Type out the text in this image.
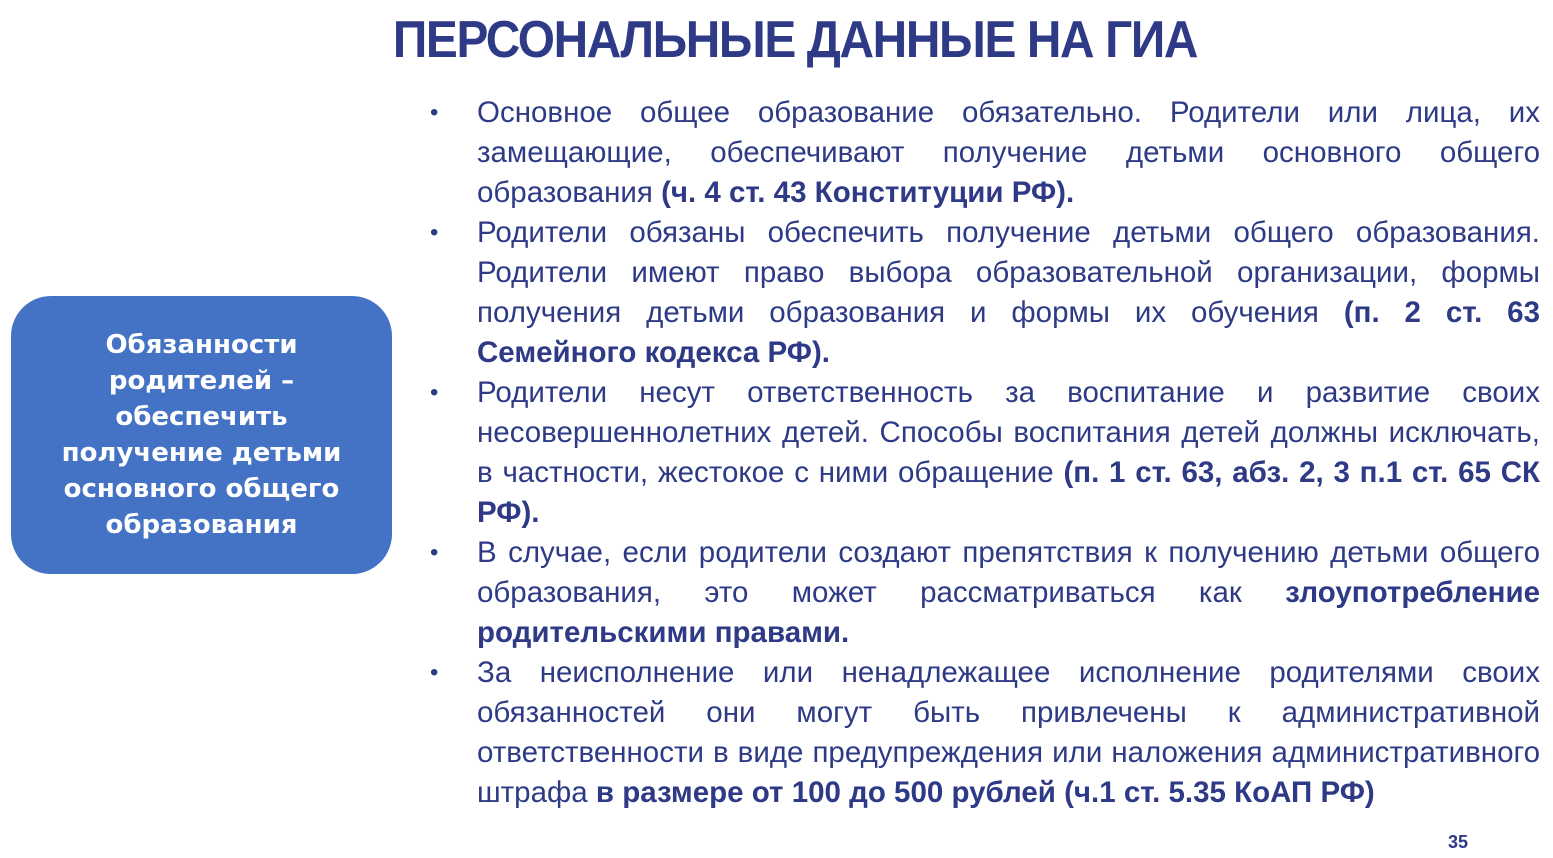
ПЕРСОНАЛЬНЫЕ ДАННЫЕ НА ГИА
Обязанности родителей – обеспечить получение детьми основного общего образования
•	Основное общее образование обязательно. Родители или лица, их замещающие, обеспечивают получение детьми основного общего образования (ч. 4 ст. 43 Конституции РФ).
•	Родители обязаны обеспечить получение детьми общего образования. Родители имеют право выбора образовательной организации, формы получения детьми образования и формы их обучения (п. 2 ст. 63 Семейного кодекса РФ).
•	Родители несут ответственность за воспитание и развитие своих несовершеннолетних детей. Способы воспитания детей должны исключать, в частности, жестокое с ними обращение (п. 1 ст. 63, абз. 2, 3 п.1 ст. 65 СК РФ).
•	В случае, если родители создают препятствия к получению детьми общего образования, это может рассматриваться как злоупотребление родительскими правами.
•	За неисполнение или ненадлежащее исполнение родителями своих обязанностей они могут быть привлечены к административной ответственности в виде предупреждения или наложения административного штрафа в размере от 100 до 500 рублей (ч.1 ст. 5.35 КоАП РФ)
35
